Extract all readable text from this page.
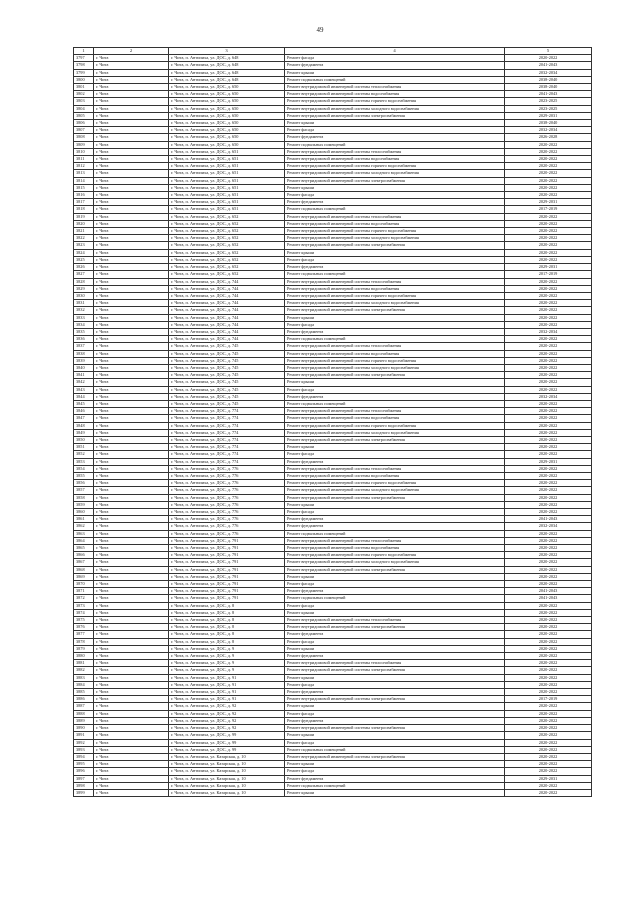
49
1	2	3	4	5
3797	г. Чита	г. Чита, п. Антипиха, ул. ДОС, д. 648	Ремонт фасада	2020-2022
3798	г. Чита	г. Чита, п. Антипиха, ул. ДОС, д. 648	Ремонт фундамента	2041-2043
3799	г. Чита	г. Чита, п. Антипиха, ул. ДОС, д. 648	Ремонт крыши	2032-2034
3800	г. Чита	г. Чита, п. Антипиха, ул. ДОС, д. 648	Ремонт подвальных помещений	2038-2040
3801	г. Чита	г. Чита, п. Антипиха, ул. ДОС, д. 650	Ремонт внутридомовой инженерной системы теплоснабжения	2038-2040
3802	г. Чита	г. Чита, п. Антипиха, ул. ДОС, д. 650	Ремонт внутридомовой инженерной системы водоснабжения	2041-2043
3803	г. Чита	г. Чита, п. Антипиха, ул. ДОС, д. 650	Ремонт внутридомовой инженерной системы горячего водоснабжения	2023-2025
3804	г. Чита	г. Чита, п. Антипиха, ул. ДОС, д. 650	Ремонт внутридомовой инженерной системы холодного водоснабжения	2023-2025
3805	г. Чита	г. Чита, п. Антипиха, ул. ДОС, д. 650	Ремонт внутридомовой инженерной системы электроснабжения	2029-2031
3806	г. Чита	г. Чита, п. Антипиха, ул. ДОС, д. 650	Ремонт крыши	2038-2040
3807	г. Чита	г. Чита, п. Антипиха, ул. ДОС, д. 650	Ремонт фасада	2032-2034
3808	г. Чита	г. Чита, п. Антипиха, ул. ДОС, д. 650	Ремонт фундамента	2026-2028
3809	г. Чита	г. Чита, п. Антипиха, ул. ДОС, д. 650	Ремонт подвальных помещений	2020-2022
3810	г. Чита	г. Чита, п. Антипиха, ул. ДОС, д. 651	Ремонт внутридомовой инженерной системы теплоснабжения	2020-2022
3811	г. Чита	г. Чита, п. Антипиха, ул. ДОС, д. 651	Ремонт внутридомовой инженерной системы водоснабжения	2020-2022
3812	г. Чита	г. Чита, п. Антипиха, ул. ДОС, д. 651	Ремонт внутридомовой инженерной системы горячего водоснабжения	2020-2022
3813	г. Чита	г. Чита, п. Антипиха, ул. ДОС, д. 651	Ремонт внутридомовой инженерной системы холодного водоснабжения	2020-2022
3814	г. Чита	г. Чита, п. Антипиха, ул. ДОС, д. 651	Ремонт внутридомовой инженерной системы электроснабжения	2020-2022
3815	г. Чита	г. Чита, п. Антипиха, ул. ДОС, д. 651	Ремонт крыши	2020-2022
3816	г. Чита	г. Чита, п. Антипиха, ул. ДОС, д. 651	Ремонт фасада	2020-2022
3817	г. Чита	г. Чита, п. Антипиха, ул. ДОС, д. 651	Ремонт фундамента	2029-2031
3818	г. Чита	г. Чита, п. Антипиха, ул. ДОС, д. 651	Ремонт подвальных помещений	2017-2019
3819	г. Чита	г. Чита, п. Антипиха, ул. ДОС, д. 652	Ремонт внутридомовой инженерной системы теплоснабжения	2020-2022
3820	г. Чита	г. Чита, п. Антипиха, ул. ДОС, д. 652	Ремонт внутридомовой инженерной системы водоснабжения	2020-2022
3821	г. Чита	г. Чита, п. Антипиха, ул. ДОС, д. 652	Ремонт внутридомовой инженерной системы горячего водоснабжения	2020-2022
3822	г. Чита	г. Чита, п. Антипиха, ул. ДОС, д. 652	Ремонт внутридомовой инженерной системы холодного водоснабжения	2020-2022
3823	г. Чита	г. Чита, п. Антипиха, ул. ДОС, д. 652	Ремонт внутридомовой инженерной системы электроснабжения	2020-2022
3824	г. Чита	г. Чита, п. Антипиха, ул. ДОС, д. 652	Ремонт крыши	2020-2022
3825	г. Чита	г. Чита, п. Антипиха, ул. ДОС, д. 652	Ремонт фасада	2020-2022
3826	г. Чита	г. Чита, п. Антипиха, ул. ДОС, д. 652	Ремонт фундамента	2029-2031
3827	г. Чита	г. Чита, п. Антипиха, ул. ДОС, д. 652	Ремонт подвальных помещений	2017-2019
3828	г. Чита	г. Чита, п. Антипиха, ул. ДОС, д. 744	Ремонт внутридомовой инженерной системы теплоснабжения	2020-2022
3829	г. Чита	г. Чита, п. Антипиха, ул. ДОС, д. 744	Ремонт внутридомовой инженерной системы водоснабжения	2020-2022
3830	г. Чита	г. Чита, п. Антипиха, ул. ДОС, д. 744	Ремонт внутридомовой инженерной системы горячего водоснабжения	2020-2022
3831	г. Чита	г. Чита, п. Антипиха, ул. ДОС, д. 744	Ремонт внутридомовой инженерной системы холодного водоснабжения	2020-2022
3832	г. Чита	г. Чита, п. Антипиха, ул. ДОС, д. 744	Ремонт внутридомовой инженерной системы электроснабжения	2020-2022
3833	г. Чита	г. Чита, п. Антипиха, ул. ДОС, д. 744	Ремонт крыши	2020-2022
3834	г. Чита	г. Чита, п. Антипиха, ул. ДОС, д. 744	Ремонт фасада	2020-2022
3835	г. Чита	г. Чита, п. Антипиха, ул. ДОС, д. 744	Ремонт фундамента	2032-2034
3836	г. Чита	г. Чита, п. Антипиха, ул. ДОС, д. 744	Ремонт подвальных помещений	2020-2022
3837	г. Чита	г. Чита, п. Антипиха, ул. ДОС, д. 745	Ремонт внутридомовой инженерной системы теплоснабжения	2020-2022
3838	г. Чита	г. Чита, п. Антипиха, ул. ДОС, д. 745	Ремонт внутридомовой инженерной системы водоснабжения	2020-2022
3839	г. Чита	г. Чита, п. Антипиха, ул. ДОС, д. 745	Ремонт внутридомовой инженерной системы горячего водоснабжения	2020-2022
3840	г. Чита	г. Чита, п. Антипиха, ул. ДОС, д. 745	Ремонт внутридомовой инженерной системы холодного водоснабжения	2020-2022
3841	г. Чита	г. Чита, п. Антипиха, ул. ДОС, д. 745	Ремонт внутридомовой инженерной системы электроснабжения	2020-2022
3842	г. Чита	г. Чита, п. Антипиха, ул. ДОС, д. 745	Ремонт крыши	2020-2022
3843	г. Чита	г. Чита, п. Антипиха, ул. ДОС, д. 745	Ремонт фасада	2020-2022
3844	г. Чита	г. Чита, п. Антипиха, ул. ДОС, д. 745	Ремонт фундамента	2032-2034
3845	г. Чита	г. Чита, п. Антипиха, ул. ДОС, д. 745	Ремонт подвальных помещений	2020-2022
3846	г. Чита	г. Чита, п. Антипиха, ул. ДОС, д. 774	Ремонт внутридомовой инженерной системы теплоснабжения	2020-2022
3847	г. Чита	г. Чита, п. Антипиха, ул. ДОС, д. 774	Ремонт внутридомовой инженерной системы водоснабжения	2020-2022
3848	г. Чита	г. Чита, п. Антипиха, ул. ДОС, д. 774	Ремонт внутридомовой инженерной системы горячего водоснабжения	2020-2022
3849	г. Чита	г. Чита, п. Антипиха, ул. ДОС, д. 774	Ремонт внутридомовой инженерной системы холодного водоснабжения	2020-2022
3850	г. Чита	г. Чита, п. Антипиха, ул. ДОС, д. 774	Ремонт внутридомовой инженерной системы электроснабжения	2020-2022
3851	г. Чита	г. Чита, п. Антипиха, ул. ДОС, д. 774	Ремонт крыши	2020-2022
3852	г. Чита	г. Чита, п. Антипиха, ул. ДОС, д. 774	Ремонт фасада	2020-2022
3853	г. Чита	г. Чита, п. Антипиха, ул. ДОС, д. 774	Ремонт фундамента	2029-2031
3854	г. Чита	г. Чита, п. Антипиха, ул. ДОС, д. 776	Ремонт внутридомовой инженерной системы теплоснабжения	2020-2022
3855	г. Чита	г. Чита, п. Антипиха, ул. ДОС, д. 776	Ремонт внутридомовой инженерной системы водоснабжения	2020-2022
3856	г. Чита	г. Чита, п. Антипиха, ул. ДОС, д. 776	Ремонт внутридомовой инженерной системы горячего водоснабжения	2020-2022
3857	г. Чита	г. Чита, п. Антипиха, ул. ДОС, д. 776	Ремонт внутридомовой инженерной системы холодного водоснабжения	2020-2022
3858	г. Чита	г. Чита, п. Антипиха, ул. ДОС, д. 776	Ремонт внутридомовой инженерной системы электроснабжения	2020-2022
3859	г. Чита	г. Чита, п. Антипиха, ул. ДОС, д. 776	Ремонт крыши	2020-2022
3860	г. Чита	г. Чита, п. Антипиха, ул. ДОС, д. 776	Ремонт фасада	2020-2022
3861	г. Чита	г. Чита, п. Антипиха, ул. ДОС, д. 776	Ремонт фундамента	2041-2043
3862	г. Чита	г. Чита, п. Антипиха, ул. ДОС, д. 776	Ремонт фундамента	2032-2034
3863	г. Чита	г. Чита, п. Антипиха, ул. ДОС, д. 776	Ремонт подвальных помещений	2020-2022
3864	г. Чита	г. Чита, п. Антипиха, ул. ДОС, д. 791	Ремонт внутридомовой инженерной системы теплоснабжения	2020-2022
3865	г. Чита	г. Чита, п. Антипиха, ул. ДОС, д. 791	Ремонт внутридомовой инженерной системы водоснабжения	2020-2022
3866	г. Чита	г. Чита, п. Антипиха, ул. ДОС, д. 791	Ремонт внутридомовой инженерной системы горячего водоснабжения	2020-2022
3867	г. Чита	г. Чита, п. Антипиха, ул. ДОС, д. 791	Ремонт внутридомовой инженерной системы холодного водоснабжения	2020-2022
3868	г. Чита	г. Чита, п. Антипиха, ул. ДОС, д. 791	Ремонт внутридомовой инженерной системы электроснабжения	2020-2022
3869	г. Чита	г. Чита, п. Антипиха, ул. ДОС, д. 791	Ремонт крыши	2020-2022
3870	г. Чита	г. Чита, п. Антипиха, ул. ДОС, д. 791	Ремонт фасада	2020-2022
3871	г. Чита	г. Чита, п. Антипиха, ул. ДОС, д. 791	Ремонт фундамента	2041-2043
3872	г. Чита	г. Чита, п. Антипиха, ул. ДОС, д. 791	Ремонт подвальных помещений	2041-2043
3873	г. Чита	г. Чита, п. Антипиха, ул. ДОС, д. 8	Ремонт фасада	2020-2022
3874	г. Чита	г. Чита, п. Антипиха, ул. ДОС, д. 8	Ремонт крыши	2020-2022
3875	г. Чита	г. Чита, п. Антипиха, ул. ДОС, д. 8	Ремонт внутридомовой инженерной системы теплоснабжения	2020-2022
3876	г. Чита	г. Чита, п. Антипиха, ул. ДОС, д. 8	Ремонт внутридомовой инженерной системы электроснабжения	2020-2022
3877	г. Чита	г. Чита, п. Антипиха, ул. ДОС, д. 8	Ремонт фундамента	2020-2022
3878	г. Чита	г. Чита, п. Антипиха, ул. ДОС, д. 8	Ремонт фасада	2020-2022
3879	г. Чита	г. Чита, п. Антипиха, ул. ДОС, д. 9	Ремонт крыши	2020-2022
3880	г. Чита	г. Чита, п. Антипиха, ул. ДОС, д. 9	Ремонт фундамента	2020-2022
3881	г. Чита	г. Чита, п. Антипиха, ул. ДОС, д. 9	Ремонт внутридомовой инженерной системы теплоснабжения	2020-2022
3882	г. Чита	г. Чита, п. Антипиха, ул. ДОС, д. 9	Ремонт внутридомовой инженерной системы электроснабжения	2020-2022
3883	г. Чита	г. Чита, п. Антипиха, ул. ДОС, д. 91	Ремонт крыши	2020-2022
3884	г. Чита	г. Чита, п. Антипиха, ул. ДОС, д. 91	Ремонт фасада	2020-2022
3885	г. Чита	г. Чита, п. Антипиха, ул. ДОС, д. 91	Ремонт фундамента	2020-2022
3886	г. Чита	г. Чита, п. Антипиха, ул. ДОС, д. 91	Ремонт внутридомовой инженерной системы электроснабжения	2017-2019
3887	г. Чита	г. Чита, п. Антипиха, ул. ДОС, д. 92	Ремонт крыши	2020-2022
3888	г. Чита	г. Чита, п. Антипиха, ул. ДОС, д. 92	Ремонт фасада	2020-2022
3889	г. Чита	г. Чита, п. Антипиха, ул. ДОС, д. 92	Ремонт фундамента	2020-2022
3890	г. Чита	г. Чита, п. Антипиха, ул. ДОС, д. 92	Ремонт внутридомовой инженерной системы электроснабжения	2020-2022
3891	г. Чита	г. Чита, п. Антипиха, ул. ДОС, д. 99	Ремонт крыши	2020-2022
3892	г. Чита	г. Чита, п. Антипиха, ул. ДОС, д. 99	Ремонт фасада	2020-2022
3893	г. Чита	г. Чита, п. Антипиха, ул. ДОС, д. 99	Ремонт подвальных помещений	2020-2022
3894	г. Чита	г. Чита, п. Антипиха, ул. Казарская, д. 10	Ремонт внутридомовой инженерной системы электроснабжения	2020-2022
3895	г. Чита	г. Чита, п. Антипиха, ул. Казарская, д. 10	Ремонт крыши	2020-2022
3896	г. Чита	г. Чита, п. Антипиха, ул. Казарская, д. 10	Ремонт фасада	2020-2022
3897	г. Чита	г. Чита, п. Антипиха, ул. Казарская, д. 10	Ремонт фундамента	2029-2031
3898	г. Чита	г. Чита, п. Антипиха, ул. Казарская, д. 10	Ремонт подвальных помещений	2020-2022
3899	г. Чита	г. Чита, п. Антипиха, ул. Казарская, д. 10	Ремонт крыши	2020-2022
